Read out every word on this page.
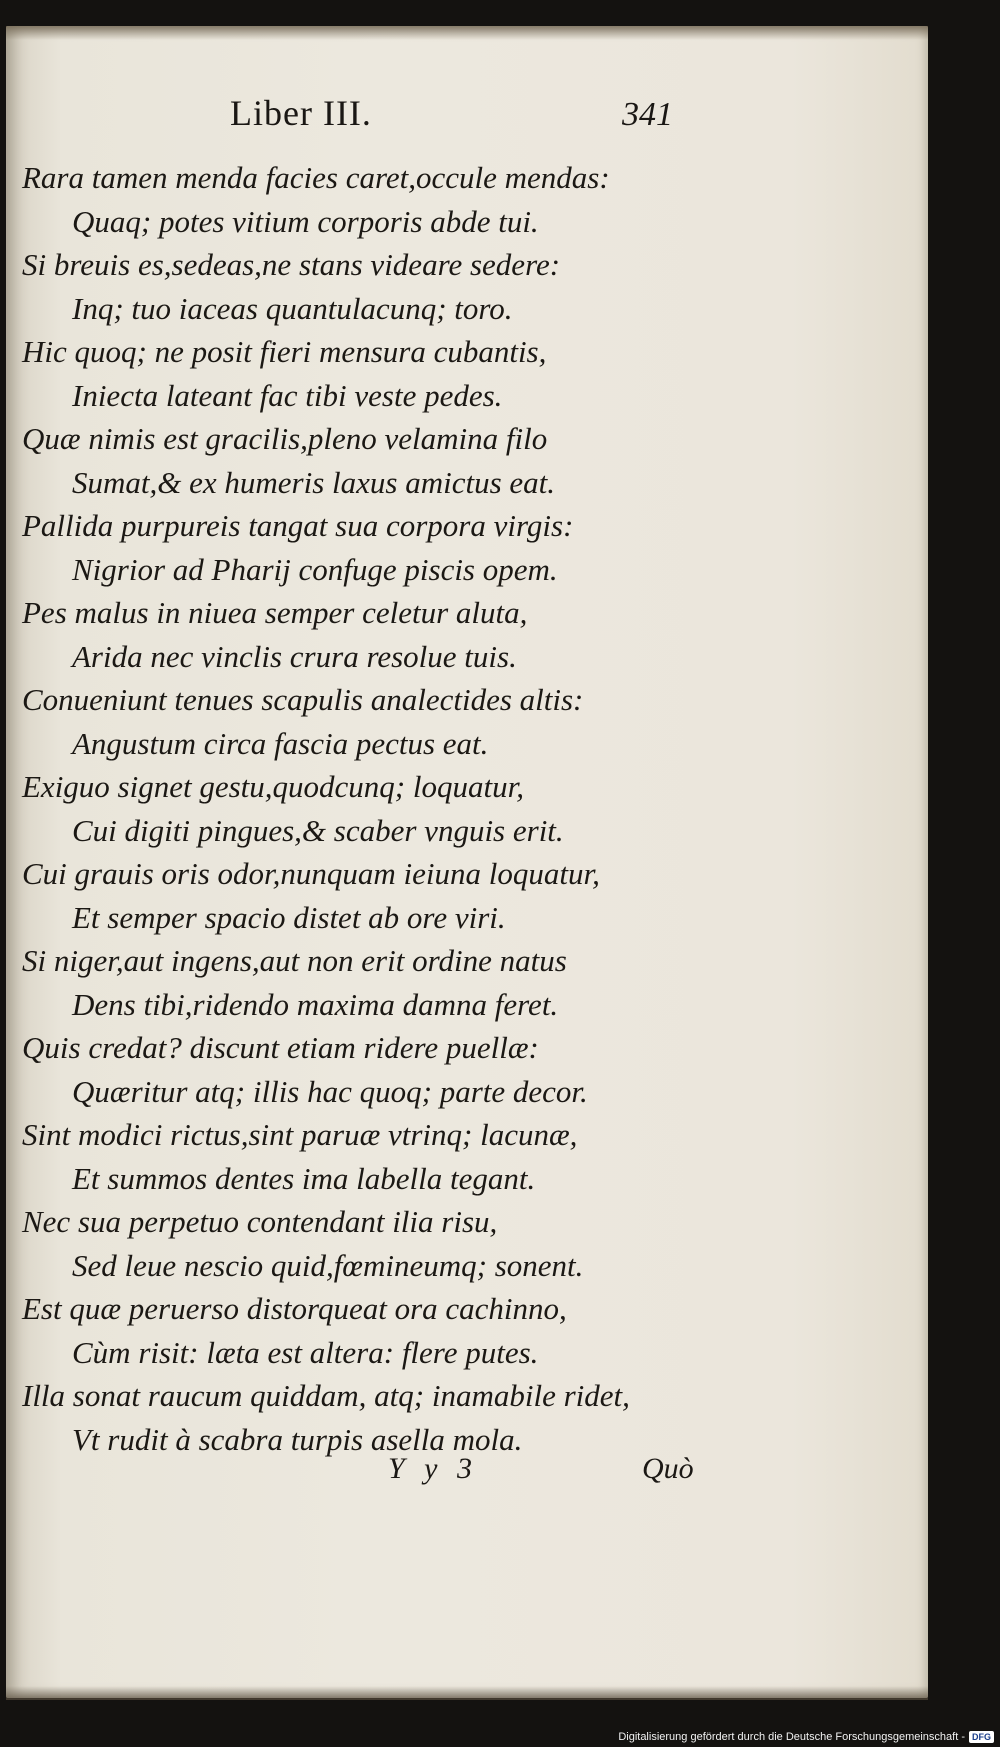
Liber III.	341
Rara tamen menda facies caret,occule mendas:
Quaq; potes vitium corporis abde tui.
Si breuis es,sedeas,ne stans videare sedere:
Inq; tuo iaceas quantulacunq; toro.
Hic quoq; ne posit fieri mensura cubantis,
Iniecta lateant fac tibi veste pedes.
Quæ nimis est gracilis,pleno velamina filo
Sumat,& ex humeris laxus amictus eat.
Pallida purpureis tangat sua corpora virgis:
Nigrior ad Pharij confuge piscis opem.
Pes malus in niuea semper celetur aluta,
Arida nec vinclis crura resolue tuis.
Conueniunt tenues scapulis analectides altis:
Angustum circa fascia pectus eat.
Exiguo signet gestu,quodcunq; loquatur,
Cui digiti pingues,& scaber vnguis erit.
Cui grauis oris odor,nunquam ieiuna loquatur,
Et semper spacio distet ab ore viri.
Si niger,aut ingens,aut non erit ordine natus
Dens tibi,ridendo maxima damna feret.
Quis credat? discunt etiam ridere puellæ:
Quæritur atq; illis hac quoq; parte decor.
Sint modici rictus,sint paruæ vtrinq; lacunæ,
Et summos dentes ima labella tegant.
Nec sua perpetuo contendant ilia risu,
Sed leue nescio quid,fœmineumq; sonent.
Est quæ peruerso distorqueat ora cachinno,
Cùm risit: læta est altera: flere putes.
Illa sonat raucum quiddam, atq; inamabile ridet,
Vt rudit à scabra turpis asella mola.
Y y 3	Quò
Digitalisierung gefördert durch die Deutsche Forschungsgemeinschaft - DFG
